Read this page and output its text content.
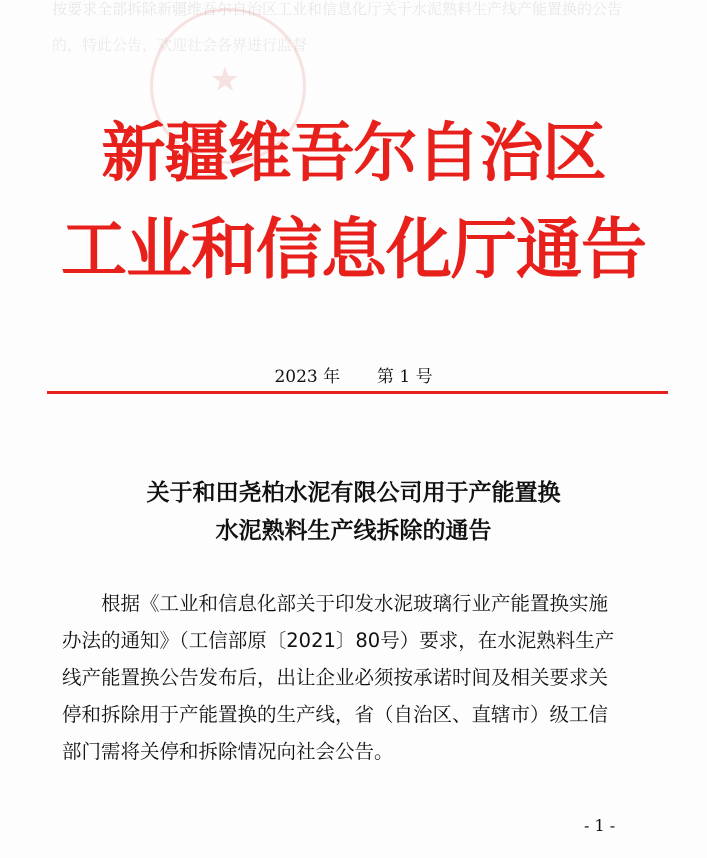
按要求全部拆除新疆维吾尔自治区工业和信息化厅关于水泥熟料生产线产能置换的公告
的，特此公告，欢迎社会各界进行监督
★
新疆维吾尔自治区
工业和信息化厅通告
2023 年 第 1 号
关于和田尧柏水泥有限公司用于产能置换
水泥熟料生产线拆除的通告
根据《工业和信息化部关于印发水泥玻璃行业产能置换实施
办法的通知》（工信部原〔2021〕80号）要求，在水泥熟料生产
线产能置换公告发布后，出让企业必须按承诺时间及相关要求关
停和拆除用于产能置换的生产线，省（自治区、直辖市）级工信
部门需将关停和拆除情况向社会公告。
- 1 -
